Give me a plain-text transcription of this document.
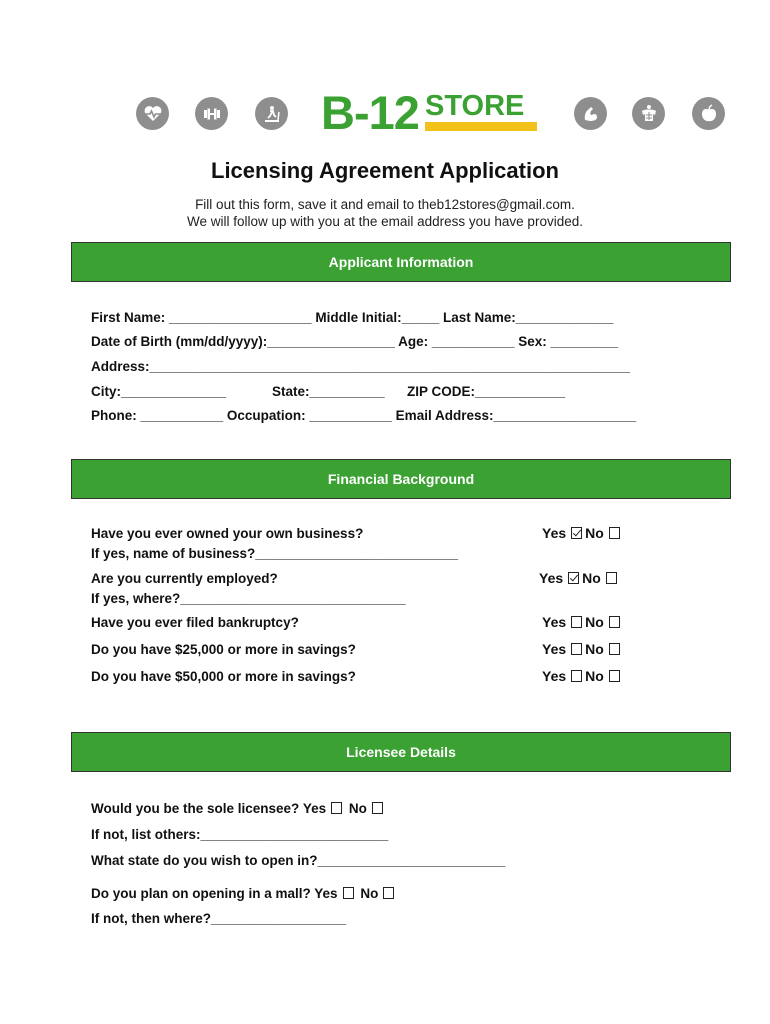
B-12 STORE
Licensing Agreement Application
Fill out this form, save it and email to theb12stores@gmail.com.
We will follow up with you at the email address you have provided.
Applicant Information
First Name: ___________________ Middle Initial:_____ Last Name:_____________
Date of Birth (mm/dd/yyyy):_________________ Age: ___________ Sex: _________
Address:________________________________________________________________
City:______________	State:__________ ZIP CODE:____________
Phone: ___________ Occupation: ___________ Email Address:___________________
Financial Background
Have you ever owned your own business?	Yes No
If yes, name of business?___________________________
Are you currently employed?	Yes No
If yes, where?______________________________
Have you ever filed bankruptcy?	Yes No
Do you have $25,000 or more in savings?	Yes No
Do you have $50,000 or more in savings?	Yes No
Licensee Details
Would you be the sole licensee? Yes No
If not, list others:_________________________
What state do you wish to open in?_________________________
Do you plan on opening in a mall? Yes No
If not, then where?__________________
